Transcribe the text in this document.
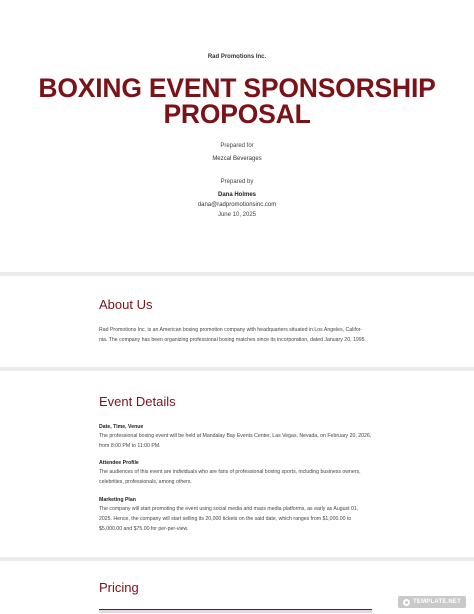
Rad Promotions Inc.
BOXING EVENT SPONSORSHIP
PROPOSAL
Prepared for
Mezcal Beverages
Prepared by
Dana Holmes
dana@radpromotionsinc.com
June 10, 2025
About Us
Rad Promotions Inc. is an American boxing promotion company with headquarters situated in Los Angeles, Califor-
nia. The company has been organizing professional boxing matches since its incorporation, dated January 20, 1995.
Event Details
Date, Time, Venue
The professional boxing event will be held at Mandalay Bay Events Center, Las Vegas, Nevada, on February 20, 2026,
from 8:00 PM to 11:00 PM.
Attendee Profile
The audiences of this event are individuals who are fans of professional boxing sports, including business owners,
celebrities, professionals, among others.
Marketing Plan
The company will start promoting the event using social media and mass media platforms, as early as August 01,
2025. Hence, the company will start selling its 20,000 tickets on the said date, which ranges from $1,000.00 to
$5,000.00 and $75.00 for per-per-view.
Pricing
TEMPLATE.NET
